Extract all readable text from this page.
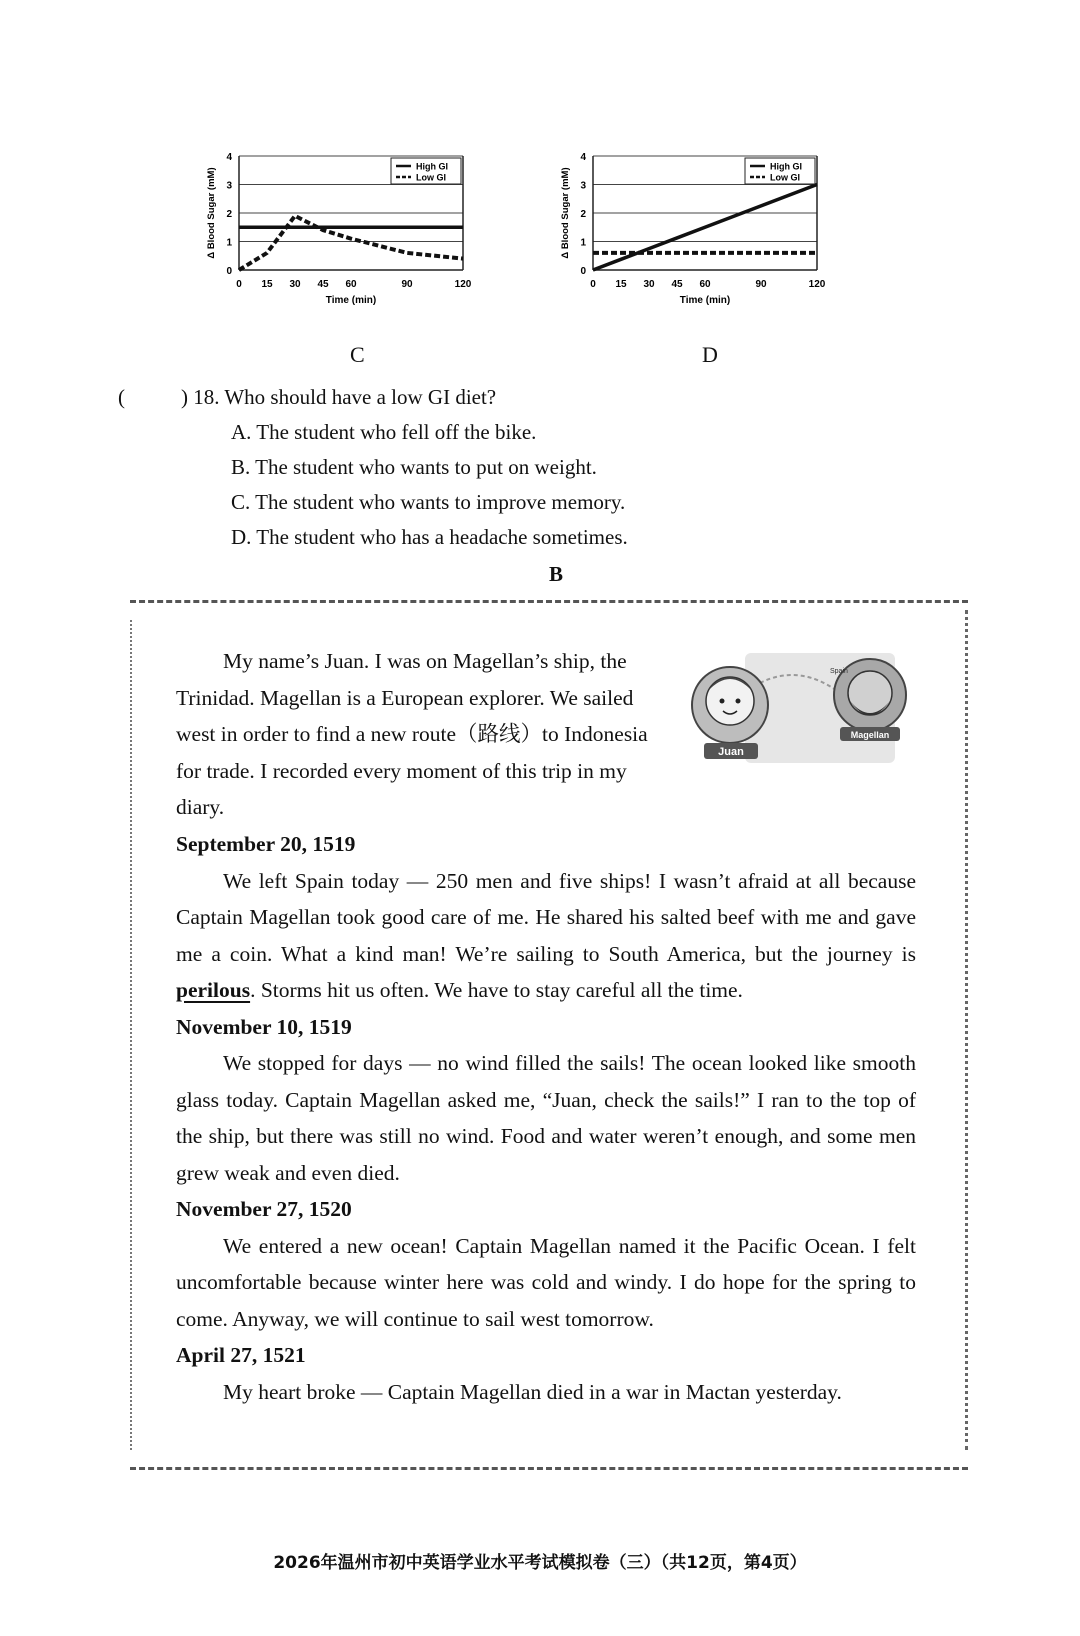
0
1
2
3
4
0 15 30 45 60	90	120
Time (min)
Δ Blood Sugar (mM)
High GI
Low GI
0
1
2
3
4
0 15 30 45 60	90	120
Time (min)
Δ Blood Sugar (mM)
High GI
Low GI
C	D
(	) 18. Who should have a low GI diet?
A. The student who fell off the bike.
B. The student who wants to put on weight.
C. The student who wants to improve memory.
D. The student who has a headache sometimes.
B

My name’s Juan. I was on Magellan’s ship, the Trinidad. Magellan is a European explorer. We sailed west in order to find a new route（路线）to Indonesia for trade. I recorded every moment of this trip in my diary.

Juan
Magellan
Spain

September 20, 1519

We left Spain today — 250 men and five ships! I wasn’t afraid at all because Captain Magellan took good care of me. He shared his salted beef with me and gave me a coin. What a kind man! We’re sailing to South America, but the journey is perilous. Storms hit us often. We have to stay careful all the time.

November 10, 1519

We stopped for days — no wind filled the sails! The ocean looked like smooth glass today. Captain Magellan asked me, “Juan, check the sails!” I ran to the top of the ship, but there was still no wind. Food and water weren’t enough, and some men grew weak and even died.

November 27, 1520

We entered a new ocean! Captain Magellan named it the Pacific Ocean. I felt uncomfortable because winter here was cold and windy. I do hope for the spring to come. Anyway, we will continue to sail west tomorrow.

April 27, 1521

My heart broke — Captain Magellan died in a war in Mactan yesterday.

2026年温州市初中英语学业水平考试模拟卷（三）（共12页，第4页）
